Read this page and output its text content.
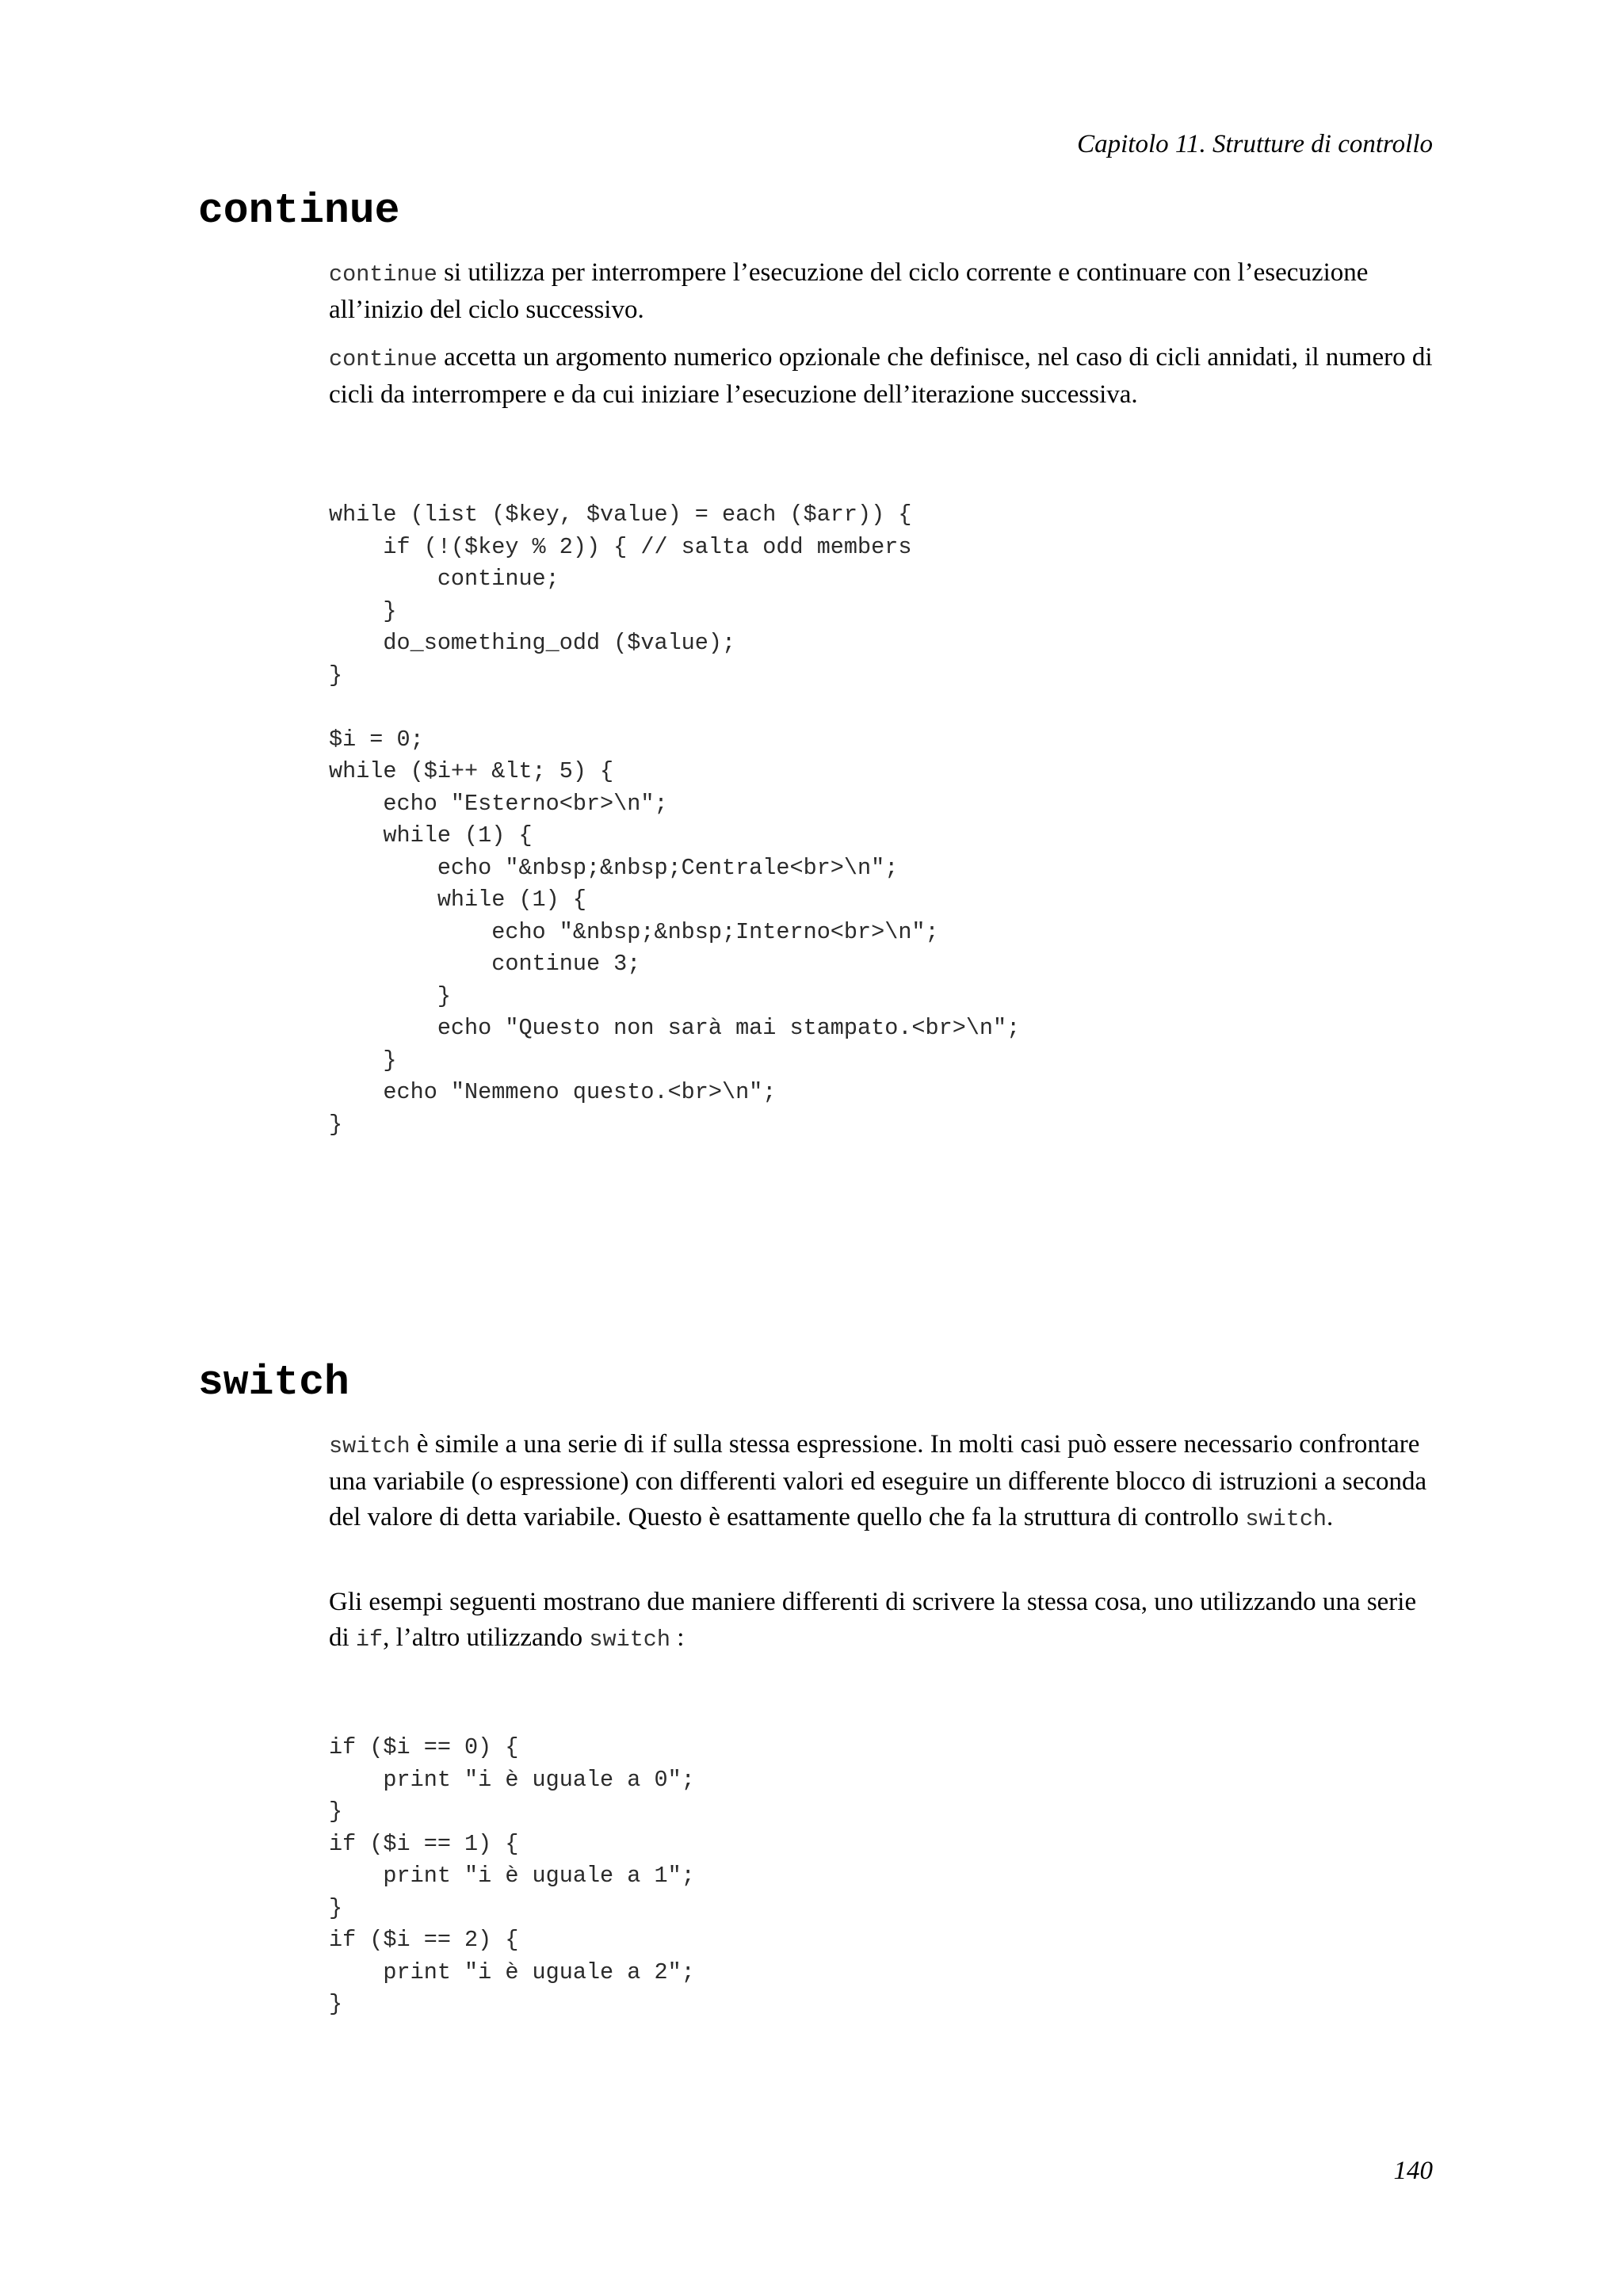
Capitolo 11. Strutture di controllo
continue

continue si utilizza per interrompere l’esecuzione del ciclo corrente e continuare con l’esecuzione all’inizio del ciclo successivo.

continue accetta un argomento numerico opzionale che definisce, nel caso di cicli annidati, il numero di cicli da interrompere e da cui iniziare l’esecuzione dell’iterazione successiva.

while (list ($key, $value) = each ($arr)) {
if (!($key % 2)) { // salta odd members
continue;
}
do_something_odd ($value);
}

$i = 0;
while ($i++ &lt; 5) {
echo "Esterno<br>\n";
while (1) {
echo "&nbsp;&nbsp;Centrale<br>\n";
while (1) {
echo "&nbsp;&nbsp;Interno<br>\n";
continue 3;
}
echo "Questo non sarà mai stampato.<br>\n";
}
echo "Nemmeno questo.<br>\n";
}
switch

switch è simile a una serie di if sulla stessa espressione. In molti casi può essere necessario confrontare una variabile (o espressione) con differenti valori ed eseguire un differente blocco di istruzioni a seconda del valore di detta variabile. Questo è esattamente quello che fa la struttura di controllo switch.

Gli esempi seguenti mostrano due maniere differenti di scrivere la stessa cosa, uno utilizzando una serie di if, l’altro utilizzando switch :

if ($i == 0) {
print "i è uguale a 0";
}
if ($i == 1) {
print "i è uguale a 1";
}
if ($i == 2) {
print "i è uguale a 2";
}
140
